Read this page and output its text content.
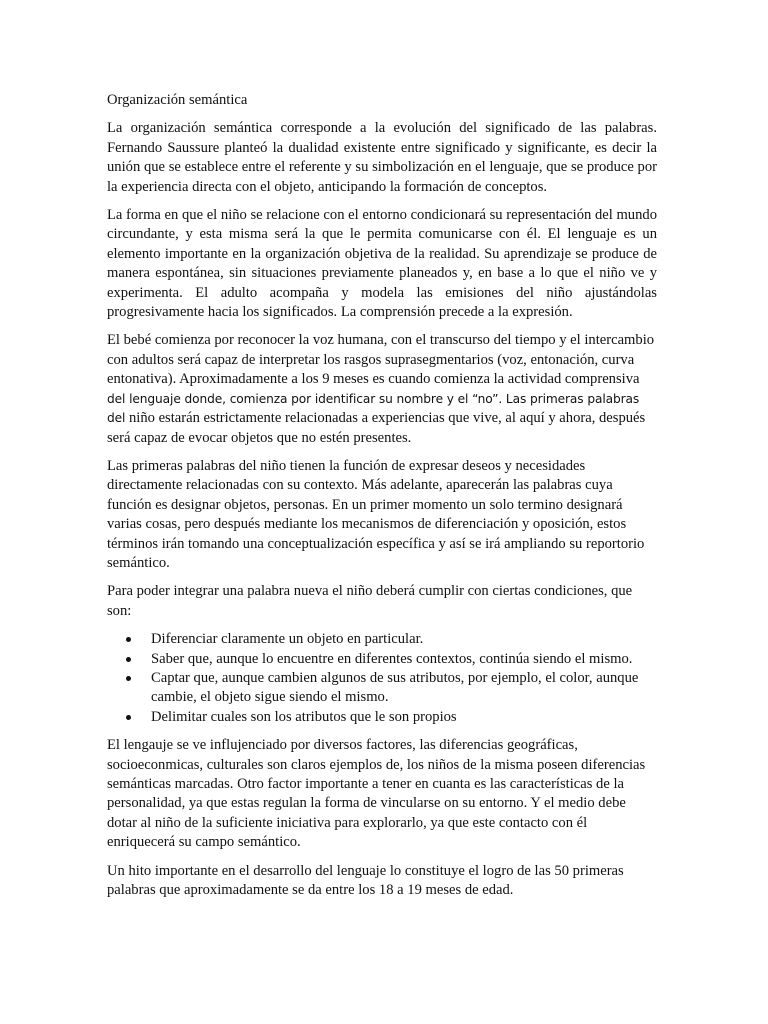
Organización semántica

La organización semántica corresponde a la evolución del significado de las palabras. Fernando Saussure planteó la dualidad existente entre significado y significante, es decir la unión que se establece entre el referente y su simbolización en el lenguaje, que se produce por la experiencia directa con el objeto, anticipando la formación de conceptos.

La forma en que el niño se relacione con el entorno condicionará su representación del mundo circundante, y esta misma será la que le permita comunicarse con él. El lenguaje es un elemento importante en la organización objetiva de la realidad. Su aprendizaje se produce de manera espontánea, sin situaciones previamente planeados y, en base a lo que el niño ve y experimenta. El adulto acompaña y modela las emisiones del niño ajustándolas progresivamente hacia los significados. La comprensión precede a la expresión.

El bebé comienza por reconocer la voz humana, con el transcurso del tiempo y el intercambio con adultos será capaz de interpretar los rasgos suprasegmentarios (voz, entonación, curva entonativa). Aproximadamente a los 9 meses es cuando comienza la actividad comprensiva del lenguaje donde, comienza por identificar su nombre y el “no”. Las primeras palabras del niño estarán estrictamente relacionadas a experiencias que vive, al aquí y ahora, después será capaz de evocar objetos que no estén presentes.

Las primeras palabras del niño tienen la función de expresar deseos y necesidades directamente relacionadas con su contexto. Más adelante, aparecerán las palabras cuya función es designar objetos, personas. En un primer momento un solo termino designará varias cosas, pero después mediante los mecanismos de diferenciación y oposición, estos términos irán tomando una conceptualización específica y así se irá ampliando su reportorio semántico.

Para poder integrar una palabra nueva el niño deberá cumplir con ciertas condiciones, que son:

Diferenciar claramente un objeto en particular.
Saber que, aunque lo encuentre en diferentes contextos, continúa siendo el mismo.
Captar que, aunque cambien algunos de sus atributos, por ejemplo, el color, aunque cambie, el objeto sigue siendo el mismo.
Delimitar cuales son los atributos que le son propios

El lengauje se ve influjenciado por diversos factores, las diferencias geográficas, socioeconmicas, culturales son claros ejemplos de, los niños de la misma poseen diferencias semánticas marcadas. Otro factor importante a tener en cuanta es las características de la personalidad, ya que estas regulan la forma de vincularse on su entorno. Y el medio debe dotar al niño de la suficiente iniciativa para explorarlo, ya que este contacto con él enriquecerá su campo semántico.

Un hito importante en el desarrollo del lenguaje lo constituye el logro de las 50 primeras palabras que aproximadamente se da entre los 18 a 19 meses de edad.
